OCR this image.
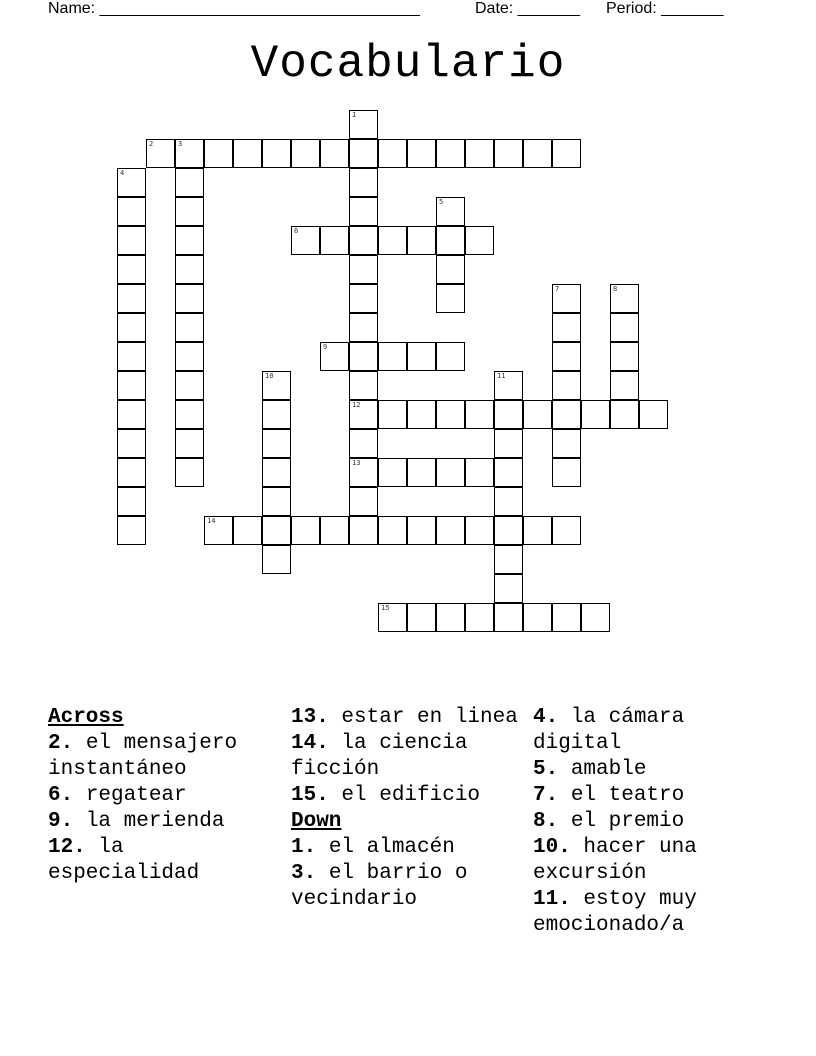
Name: ____________________________________	Date: _______ Period: _______
Vocabulario
1
2	3
4
5
6
7	8
9
10	11
12
13
14
15
Across
2. el mensajero instantáneo
6. regatear
9. la merienda
12. la especialidad
13. estar en linea
14. la ciencia ficción
15. el edificio
Down
1. el almacén
3. el barrio o vecindario
4. la cámara digital
5. amable
7. el teatro
8. el premio
10. hacer una excursión
11. estoy muy emocionado/a
